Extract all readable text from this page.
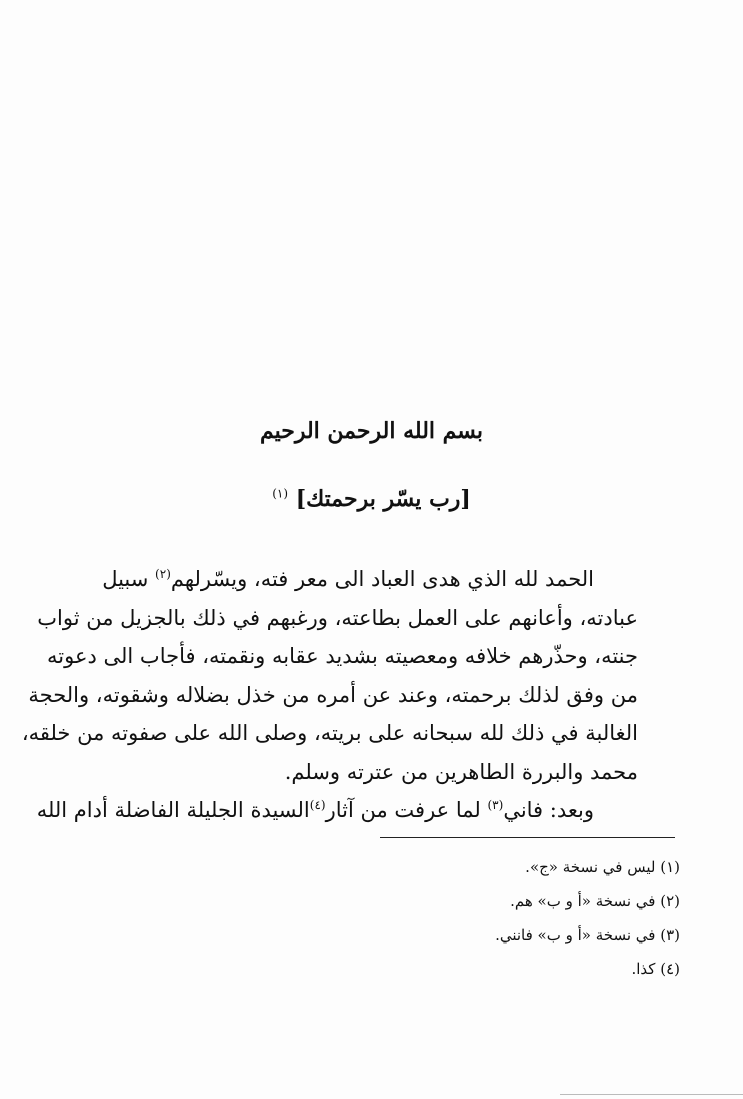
بسم الله الرحمن الرحيم
[رب يسّر برحمتك] $^{(١)}$
الحمد لله الذي هدى العباد الى معر فته، ويسّرلهم$^{(٢)}$ سبيل
عبادته، وأعانهم على العمل بطاعته، ورغبهم في ذلك بالجزيل من ثواب
جنته، وحذّرهم خلافه ومعصيته بشديد عقابه ونقمته، فأجاب الى دعوته
من وفق لذلك برحمته، وعند عن أمره من خذل بضلاله وشقوته، والحجة
الغالبة في ذلك لله سبحانه على بريته، وصلى الله على صفوته من خلقه،
محمد والبررة الطاهرين من عترته وسلم.
وبعد: فاني$^{(٣)}$ لما عرفت من آثار$^{(٤)}$السيدة الجليلة الفاضلة أدام الله
(١) ليس في نسخة «ج».
(٢) في نسخة «أ و ب» هم.
(٣) في نسخة «أ و ب» فانني.
(٤) كذا.
